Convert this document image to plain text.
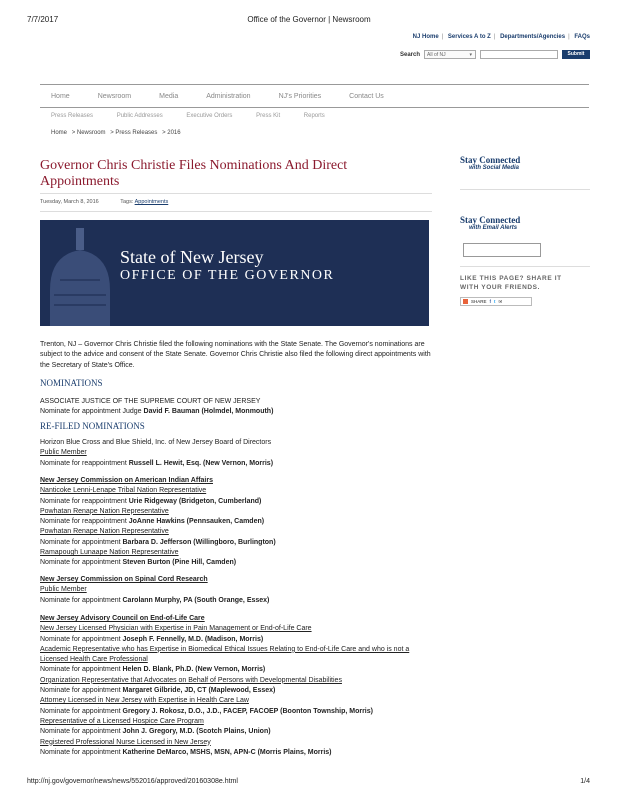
7/7/2017	Office of the Governor | Newsroom
NJ Home | Services A to Z | Departments/Agencies | FAQs
Search	All of NJ	▾	Submit
Home	Newsroom	Media	Administration	NJ's Priorities	Contact Us
Press Releases	Public Addresses	Executive Orders	Press Kit	Reports
Home > Newsroom > Press Releases > 2016
Governor Chris Christie Files Nominations And Direct Appointments
Tuesday, March 8, 2016	Tags: Appointments
State of New Jersey
OFFICE OF THE GOVERNOR
Stay Connected
with Social Media
Stay Connected
with Email Alerts
LIKE THIS PAGE? SHARE IT
WITH YOUR FRIENDS.
SHARE f t ✉
Trenton, NJ – Governor Chris Christie filed the following nominations with the State Senate. The Governor's nominations are subject to the advice and consent of the State Senate. Governor Chris Christie also filed the following direct appointments with the Secretary of State's Office.
NOMINATIONS
ASSOCIATE JUSTICE OF THE SUPREME COURT OF NEW JERSEY
Nominate for appointment Judge David F. Bauman (Holmdel, Monmouth)
RE-FILED NOMINATIONS
Horizon Blue Cross and Blue Shield, Inc. of New Jersey Board of Directors
Public Member
Nominate for reappointment Russell L. Hewit, Esq. (New Vernon, Morris)
New Jersey Commission on American Indian Affairs
Nanticoke Lenni-Lenape Tribal Nation Representative
Nominate for reappointment Urie Ridgeway (Bridgeton, Cumberland)
Powhatan Renape Nation Representative
Nominate for reappointment JoAnne Hawkins (Pennsauken, Camden)
Powhatan Renape Nation Representative
Nominate for appointment Barbara D. Jefferson (Willingboro, Burlington)
Ramapough Lunaape Nation Representative
Nominate for appointment Steven Burton (Pine Hill, Camden)
New Jersey Commission on Spinal Cord Research
Public Member
Nominate for appointment Carolann Murphy, PA (South Orange, Essex)
New Jersey Advisory Council on End-of-Life Care
New Jersey Licensed Physician with Expertise in Pain Management or End-of-Life Care
Nominate for appointment Joseph F. Fennelly, M.D. (Madison, Morris)
Academic Representative who has Expertise in Biomedical Ethical Issues Relating to End-of-Life Care and who is not a Licensed Health Care Professional
Nominate for appointment Helen D. Blank, Ph.D. (New Vernon, Morris)
Organization Representative that Advocates on Behalf of Persons with Developmental Disabilities
Nominate for appointment Margaret Gilbride, JD, CT (Maplewood, Essex)
Attorney Licensed in New Jersey with Expertise in Health Care Law
Nominate for appointment Gregory J. Rokosz, D.O., J.D., FACEP, FACOEP (Boonton Township, Morris)
Representative of a Licensed Hospice Care Program
Nominate for appointment John J. Gregory, M.D. (Scotch Plains, Union)
Registered Professional Nurse Licensed in New Jersey
Nominate for appointment Katherine DeMarco, MSHS, MSN, APN-C (Morris Plains, Morris)
http://nj.gov/governor/news/news/552016/approved/20160308e.html	1/4
